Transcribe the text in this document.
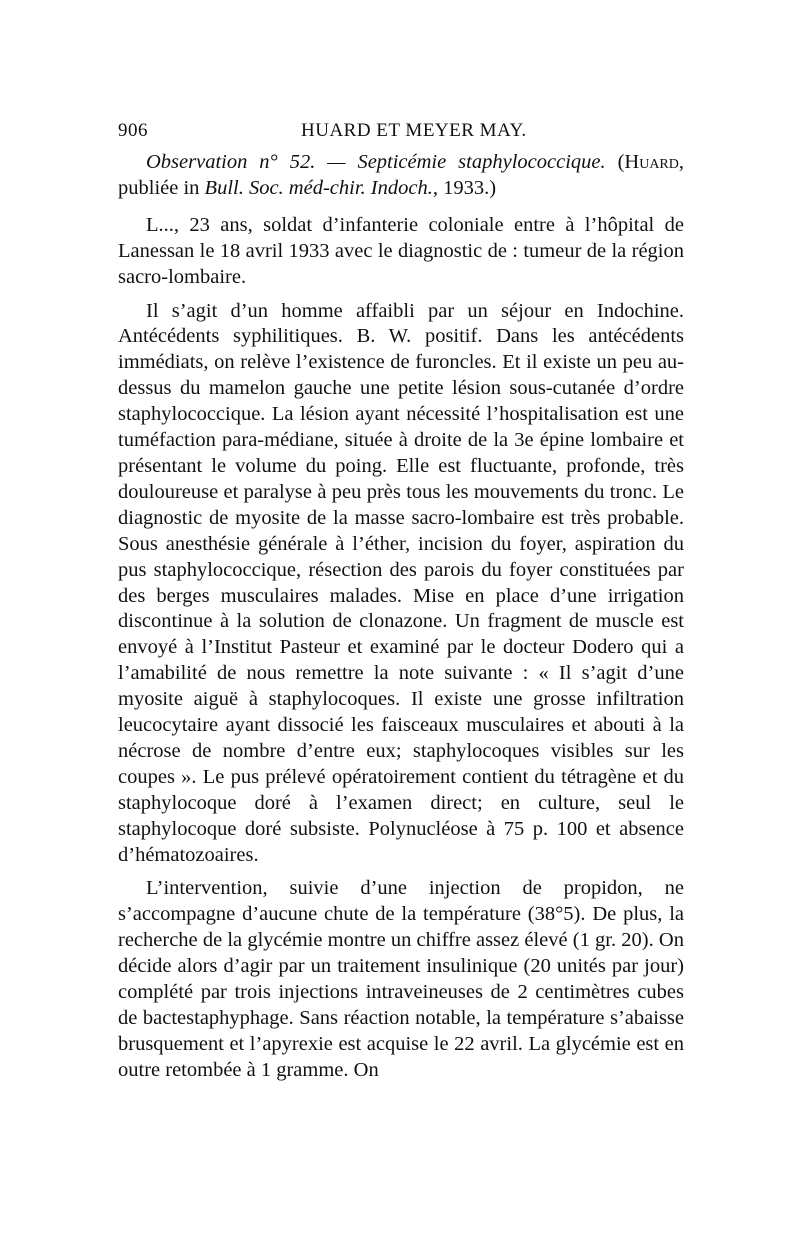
906	HUARD ET MEYER MAY.

Observation n° 52. — Septicémie staphylococcique. (Huard, publiée in Bull. Soc. méd-chir. Indoch., 1933.)

L..., 23 ans, soldat d’infanterie coloniale entre à l’hôpital de Lanessan le 18 avril 1933 avec le diagnostic de : tumeur de la région sacro-lombaire.

Il s’agit d’un homme affaibli par un séjour en Indochine. Antécédents syphilitiques. B. W. positif. Dans les antécédents immédiats, on relève l’existence de furoncles. Et il existe un peu au-dessus du mamelon gauche une petite lésion sous-cutanée d’ordre staphylococcique. La lésion ayant nécessité l’hospitalisation est une tuméfaction para-médiane, située à droite de la 3e épine lombaire et présentant le volume du poing. Elle est fluctuante, profonde, très douloureuse et paralyse à peu près tous les mouvements du tronc. Le diagnostic de myosite de la masse sacro-lombaire est très probable. Sous anesthésie générale à l’éther, incision du foyer, aspiration du pus staphylococcique, résection des parois du foyer constituées par des berges musculaires malades. Mise en place d’une irrigation discontinue à la solution de clonazone. Un fragment de muscle est envoyé à l’Institut Pasteur et examiné par le docteur Dodero qui a l’amabilité de nous remettre la note suivante : « Il s’agit d’une myosite aiguë à staphylocoques. Il existe une grosse infiltration leucocytaire ayant dissocié les faisceaux musculaires et abouti à la nécrose de nombre d’entre eux; staphylocoques visibles sur les coupes ». Le pus prélevé opératoirement contient du tétragène et du staphylocoque doré à l’examen direct; en culture, seul le staphylocoque doré subsiste. Polynucléose à 75 p. 100 et absence d’hématozoaires.

L’intervention, suivie d’une injection de propidon, ne s’accompagne d’aucune chute de la température (38°5). De plus, la recherche de la glycémie montre un chiffre assez élevé (1 gr. 20). On décide alors d’agir par un traitement insulinique (20 unités par jour) complété par trois injections intraveineuses de 2 centimètres cubes de bactestaphyphage. Sans réaction notable, la température s’abaisse brusquement et l’apyrexie est acquise le 22 avril. La glycémie est en outre retombée à 1 gramme. On
